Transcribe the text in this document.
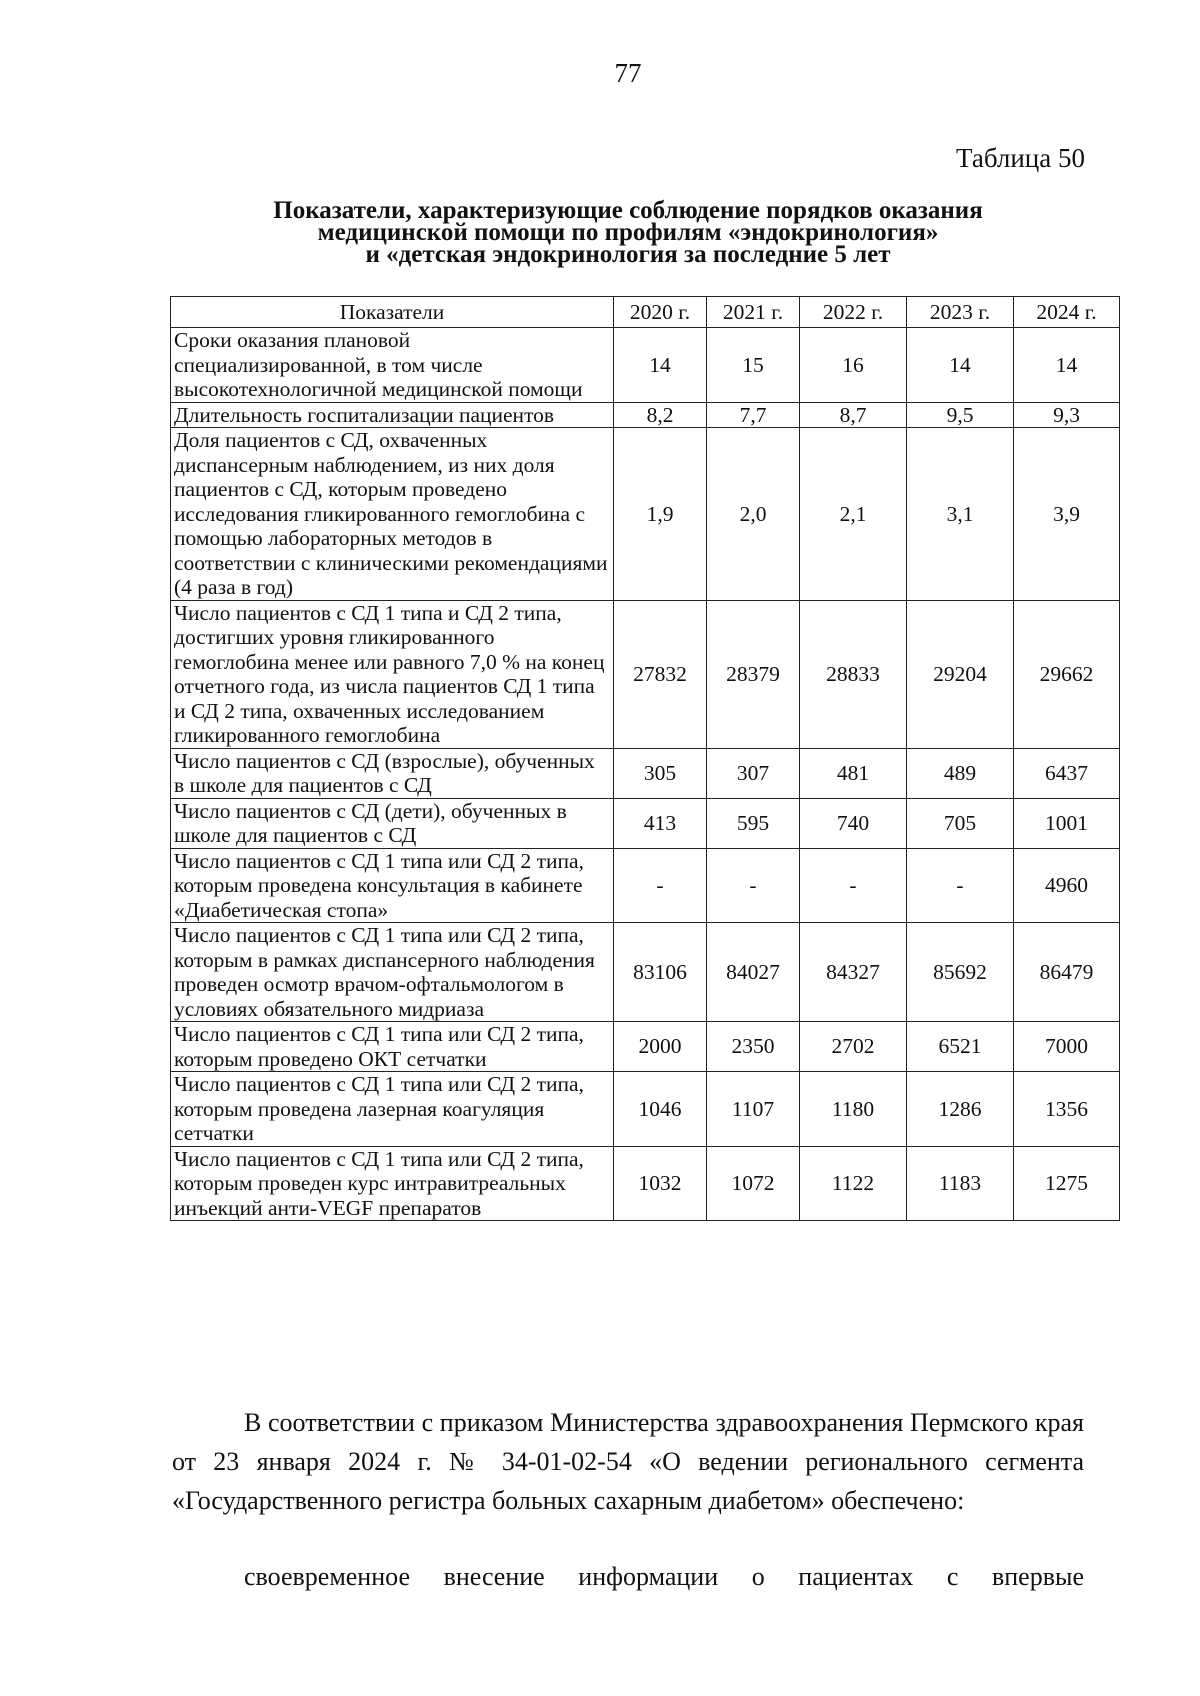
77
Таблица 50
Показатели, характеризующие соблюдение порядков оказания
медицинской помощи по профилям «эндокринология»
и «детская эндокринология за последние 5 лет
Показатели	2020 г.	2021 г.	2022 г.	2023 г.	2024 г.
Сроки оказания плановой специализированной, в том числе высокотехнологичной медицинской помощи	14	15	16	14	14
Длительность госпитализации пациентов	8,2	7,7	8,7	9,5	9,3
Доля пациентов с СД, охваченных диспансерным наблюдением, из них доля пациентов с СД, которым проведено исследования гликированного гемоглобина с помощью лабораторных методов в соответствии с клиническими рекомендациями (4 раза в год)	1,9	2,0	2,1	3,1	3,9
Число пациентов с СД 1 типа и СД 2 типа, достигших уровня гликированного гемоглобина менее или равного 7,0 % на конец отчетного года, из числа пациентов СД 1 типа и СД 2 типа, охваченных исследованием гликированного гемоглобина	27832	28379	28833	29204	29662
Число пациентов с СД (взрослые), обученных в школе для пациентов с СД	305	307	481	489	6437
Число пациентов с СД (дети), обученных в школе для пациентов с СД	413	595	740	705	1001
Число пациентов с СД 1 типа или СД 2 типа, которым проведена консультация в кабинете «Диабетическая стопа»	-	-	-	-	4960
Число пациентов с СД 1 типа или СД 2 типа, которым в рамках диспансерного наблюдения проведен осмотр врачом-офтальмологом в условиях обязательного мидриаза	83106	84027	84327	85692	86479
Число пациентов с СД 1 типа или СД 2 типа, которым проведено ОКТ сетчатки	2000	2350	2702	6521	7000
Число пациентов с СД 1 типа или СД 2 типа, которым проведена лазерная коагуляция сетчатки	1046	1107	1180	1286	1356
Число пациентов с СД 1 типа или СД 2 типа, которым проведен курс интравитреальных инъекций анти-VEGF препаратов	1032	1072	1122	1183	1275
В соответствии с приказом Министерства здравоохранения Пермского края от 23 января 2024 г. № 34-01-02-54 «О ведении регионального сегмента «Государственного регистра больных сахарным диабетом» обеспечено:
своевременное внесение информации о пациентах с впервые
